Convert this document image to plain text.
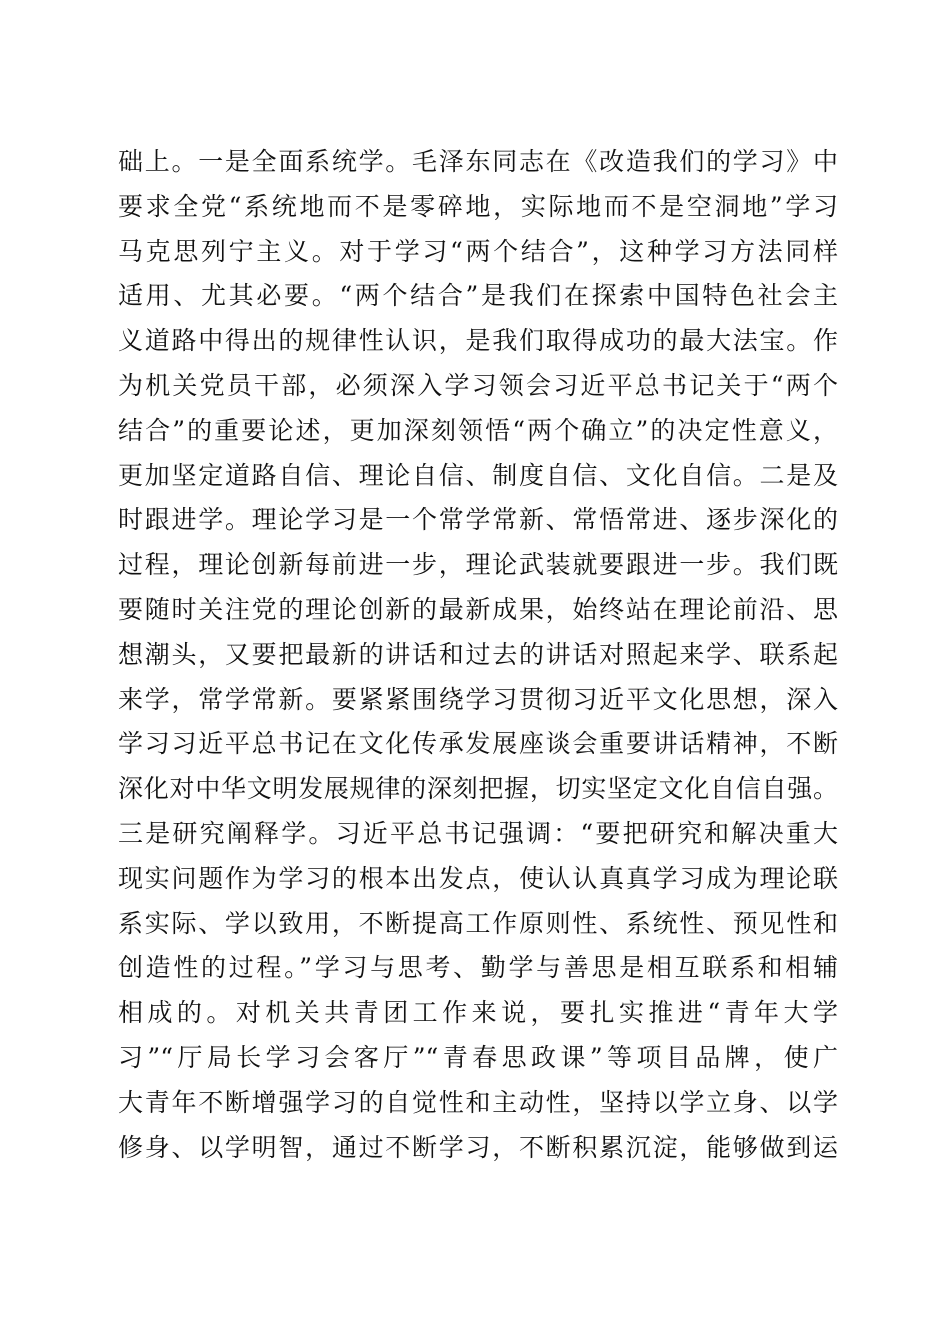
础上。一是全面系统学。毛泽东同志在《改造我们的学习》中
要求全党“系统地而不是零碎地，实际地而不是空洞地”学习
马克思列宁主义。对于学习“两个结合”，这种学习方法同样
适用、尤其必要。“两个结合”是我们在探索中国特色社会主
义道路中得出的规律性认识，是我们取得成功的最大法宝。作
为机关党员干部，必须深入学习领会习近平总书记关于“两个
结合”的重要论述，更加深刻领悟“两个确立”的决定性意义，
更加坚定道路自信、理论自信、制度自信、文化自信。二是及
时跟进学。理论学习是一个常学常新、常悟常进、逐步深化的
过程，理论创新每前进一步，理论武装就要跟进一步。我们既
要随时关注党的理论创新的最新成果，始终站在理论前沿、思
想潮头，又要把最新的讲话和过去的讲话对照起来学、联系起
来学，常学常新。要紧紧围绕学习贯彻习近平文化思想，深入
学习习近平总书记在文化传承发展座谈会重要讲话精神，不断
深化对中华文明发展规律的深刻把握，切实坚定文化自信自强。
三是研究阐释学。习近平总书记强调：“要把研究和解决重大
现实问题作为学习的根本出发点，使认认真真学习成为理论联
系实际、学以致用，不断提高工作原则性、系统性、预见性和
创造性的过程。”学习与思考、勤学与善思是相互联系和相辅
相成的。对机关共青团工作来说，要扎实推进“青年大学
习”“厅局长学习会客厅”“青春思政课”等项目品牌，使广
大青年不断增强学习的自觉性和主动性，坚持以学立身、以学
修身、以学明智，通过不断学习，不断积累沉淀，能够做到运
